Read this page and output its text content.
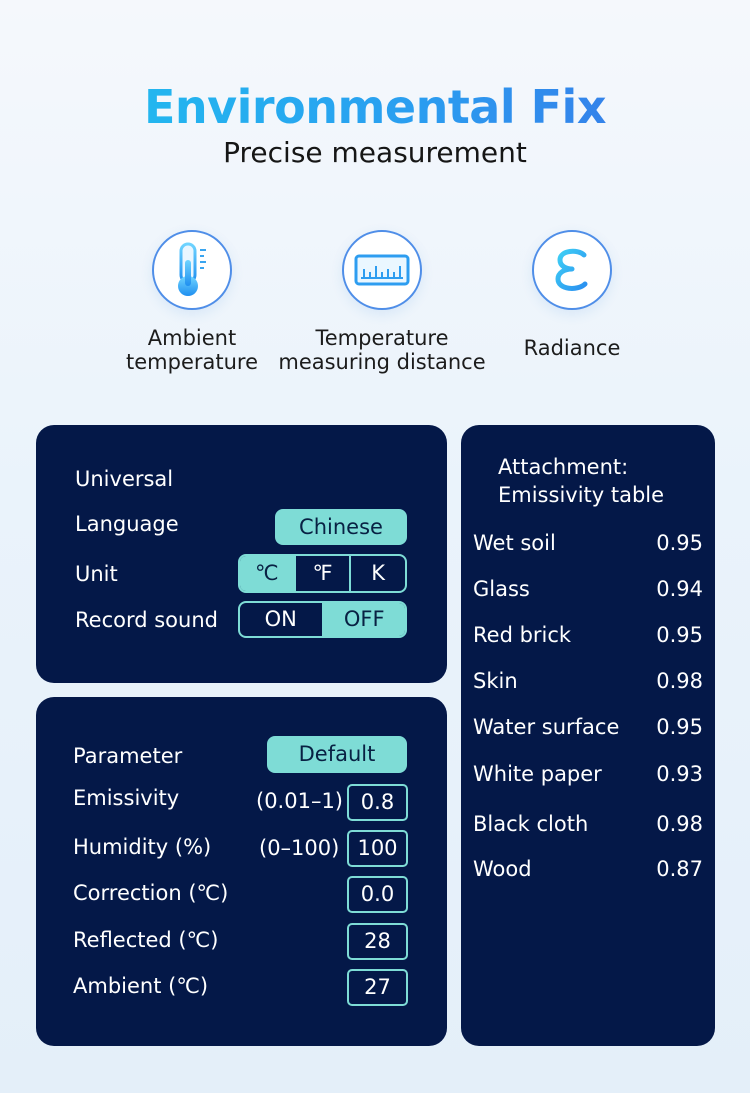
Environmental Fix
Precise measurement
Ambient
temperature
Temperature
measuring distance
Radiance
Universal
Language	Chinese
Unit	℃	℉	K
Record sound	ON	OFF
Parameter	Default
Emissivity	(0.01–1) 0.8
Humidity (%) (0–100) 100
Correction (℃)	0.0
Reflected (℃)	28
Ambient (℃)	27
Attachment:
Emissivity table
Wet soil	0.95
Glass	0.94
Red brick	0.95
Skin	0.98
Water surface 0.95
White paper	0.93
Black cloth	0.98
Wood	0.87
